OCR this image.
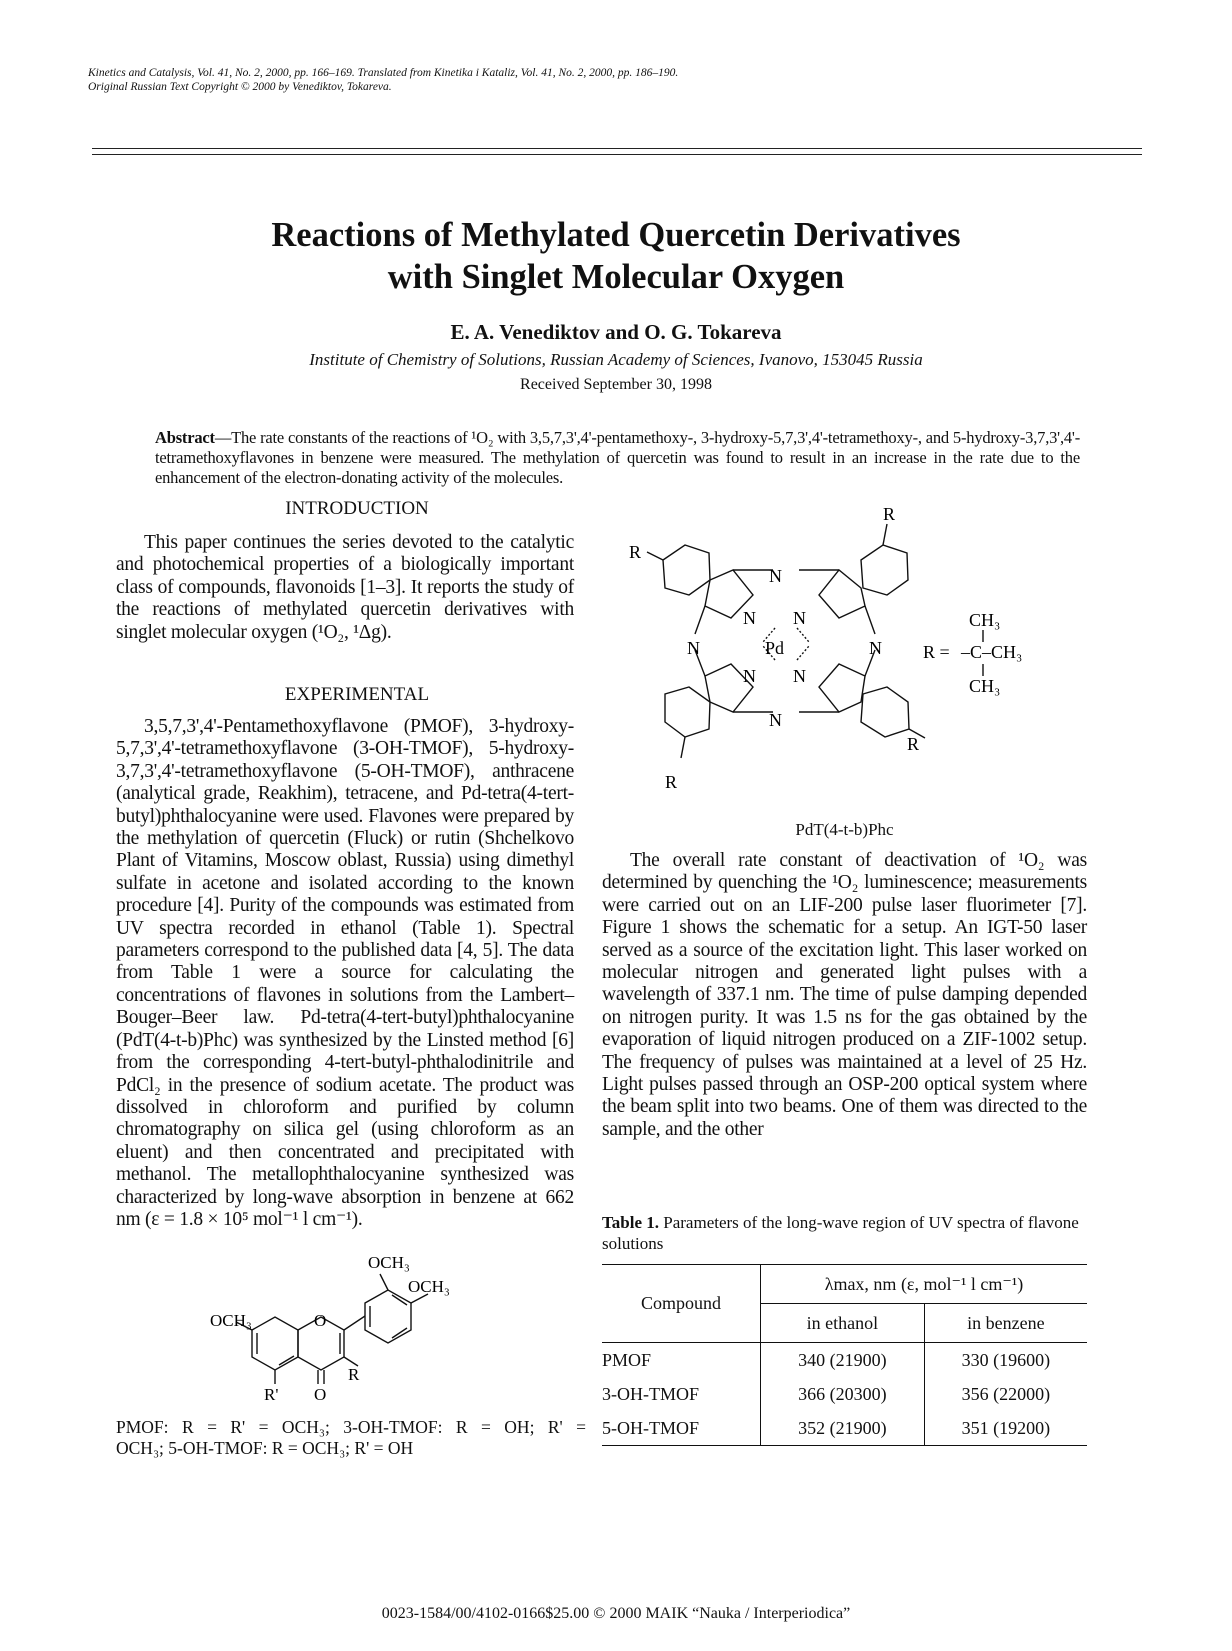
Kinetics and Catalysis, Vol. 41, No. 2, 2000, pp. 166–169. Translated from Kinetika i Kataliz, Vol. 41, No. 2, 2000, pp. 186–190.
Original Russian Text Copyright © 2000 by Venediktov, Tokareva.
Reactions of Methylated Quercetin Derivatives
with Singlet Molecular Oxygen
E. A. Venediktov and O. G. Tokareva
Institute of Chemistry of Solutions, Russian Academy of Sciences, Ivanovo, 153045 Russia
Received September 30, 1998
Abstract—The rate constants of the reactions of ¹O₂ with 3,5,7,3',4'-pentamethoxy-, 3-hydroxy-5,7,3',4'-tetramethoxy-, and 5-hydroxy-3,7,3',4'-tetramethoxyflavones in benzene were measured. The methylation of quercetin was found to result in an increase in the rate due to the enhancement of the electron-donating activity of the molecules.
INTRODUCTION

This paper continues the series devoted to the catalytic and photochemical properties of a biologically important class of compounds, flavonoids [1–3]. It reports the study of the reactions of methylated quercetin derivatives with singlet molecular oxygen (¹O₂, ¹Δg).

EXPERIMENTAL

3,5,7,3',4'-Pentamethoxyflavone (PMOF), 3-hydroxy-5,7,3',4'-tetramethoxyflavone (3-OH-TMOF), 5-hydroxy-3,7,3',4'-tetramethoxyflavone (5-OH-TMOF), anthracene (analytical grade, Reakhim), tetracene, and Pd-tetra(4-tert-butyl)phthalocyanine were used. Flavones were prepared by the methylation of quercetin (Fluck) or rutin (Shchelkovo Plant of Vitamins, Moscow oblast, Russia) using dimethyl sulfate in acetone and isolated according to the known procedure [4]. Purity of the compounds was estimated from UV spectra recorded in ethanol (Table 1). Spectral parameters correspond to the published data [4, 5]. The data from Table 1 were a source for calculating the concentrations of flavones in solutions from the Lambert–Bouger–Beer law. Pd-tetra(4-tert-butyl)phthalocyanine (PdT(4-t-b)Phc) was synthesized by the Linsted method [6] from the corresponding 4-tert-butyl-phthalodinitrile and PdCl₂ in the presence of sodium acetate. The product was dissolved in chloroform and purified by column chromatography on silica gel (using chloroform as an eluent) and then concentrated and precipitated with methanol. The metallophthalocyanine synthesized was characterized by long-wave absorption in benzene at 662 nm (ε = 1.8 × 10⁵ mol⁻¹ l cm⁻¹).

OCH₃
OCH₃
OCH₃	O
R
R' O
PMOF: R = R' = OCH₃; 3-OH-TMOF: R = OH; R' =
OCH₃; 5-OH-TMOF: R = OCH₃; R' = OH
R
R
R
R
N
N
N	N
N N
N N
Pd	R =
CH₃
–C–CH₃
CH₃
PdT(4-t-b)Phc

The overall rate constant of deactivation of ¹O₂ was determined by quenching the ¹O₂ luminescence; measurements were carried out on an LIF-200 pulse laser fluorimeter [7]. Figure 1 shows the schematic for a setup. An IGT-50 laser served as a source of the excitation light. This laser worked on molecular nitrogen and generated light pulses with a wavelength of 337.1 nm. The time of pulse damping depended on nitrogen purity. It was 1.5 ns for the gas obtained by the evaporation of liquid nitrogen produced on a ZIF-1002 setup. The frequency of pulses was maintained at a level of 25 Hz. Light pulses passed through an OSP-200 optical system where the beam split into two beams. One of them was directed to the sample, and the other

Table 1. Parameters of the long-wave region of UV spectra of flavone solutions
Compound	λmax, nm (ε, mol⁻¹ l cm⁻¹)	
	in ethanol	in benzene
PMOF	340 (21900)	330 (19600)
3-OH-TMOF	366 (20300)	356 (22000)
5-OH-TMOF	352 (21900)	351 (19200)
0023-1584/00/4102-0166$25.00 © 2000 MAIK “Nauka / Interperiodica”
